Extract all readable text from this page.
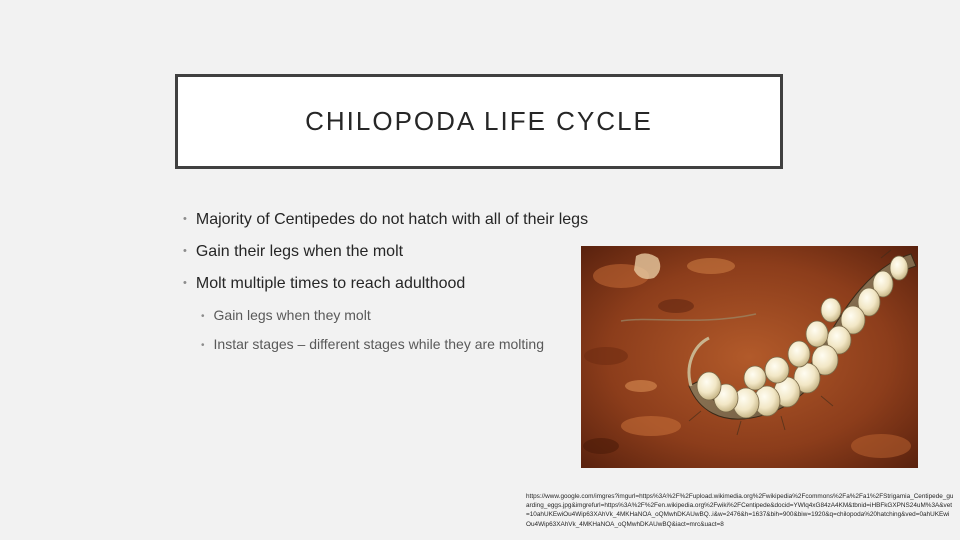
CHILOPODA LIFE CYCLE
• Majority of Centipedes do not hatch with all of their legs
• Gain their legs when the molt
• Molt multiple times to reach adulthood
• Gain legs when they molt
• Instar stages – different stages while they are molting
https://www.google.com/imgres?imgurl=https%3A%2F%2Fupload.wikimedia.org%2Fwikipedia%2Fcommons%2Fa%2Fa1%2FStrigamia_Centipede_guarding_eggs.jpg&imgrefurl=https%3A%2F%2Fen.wikipedia.org%2Fwiki%2FCentipede&docid=YWlq4xG84zA4KM&tbnid=iHBFkGXPNS24uM%3A&vet=10ahUKEwiOu4Wip63XAhVk_4MKHaNOA_oQMwhDKAUwBQ..i&w=2476&h=1637&bih=900&biw=1920&q=chilopoda%20hatching&ved=0ahUKEwiOu4Wip63XAhVk_4MKHaNOA_oQMwhDKAUwBQ&iact=mrc&uact=8
